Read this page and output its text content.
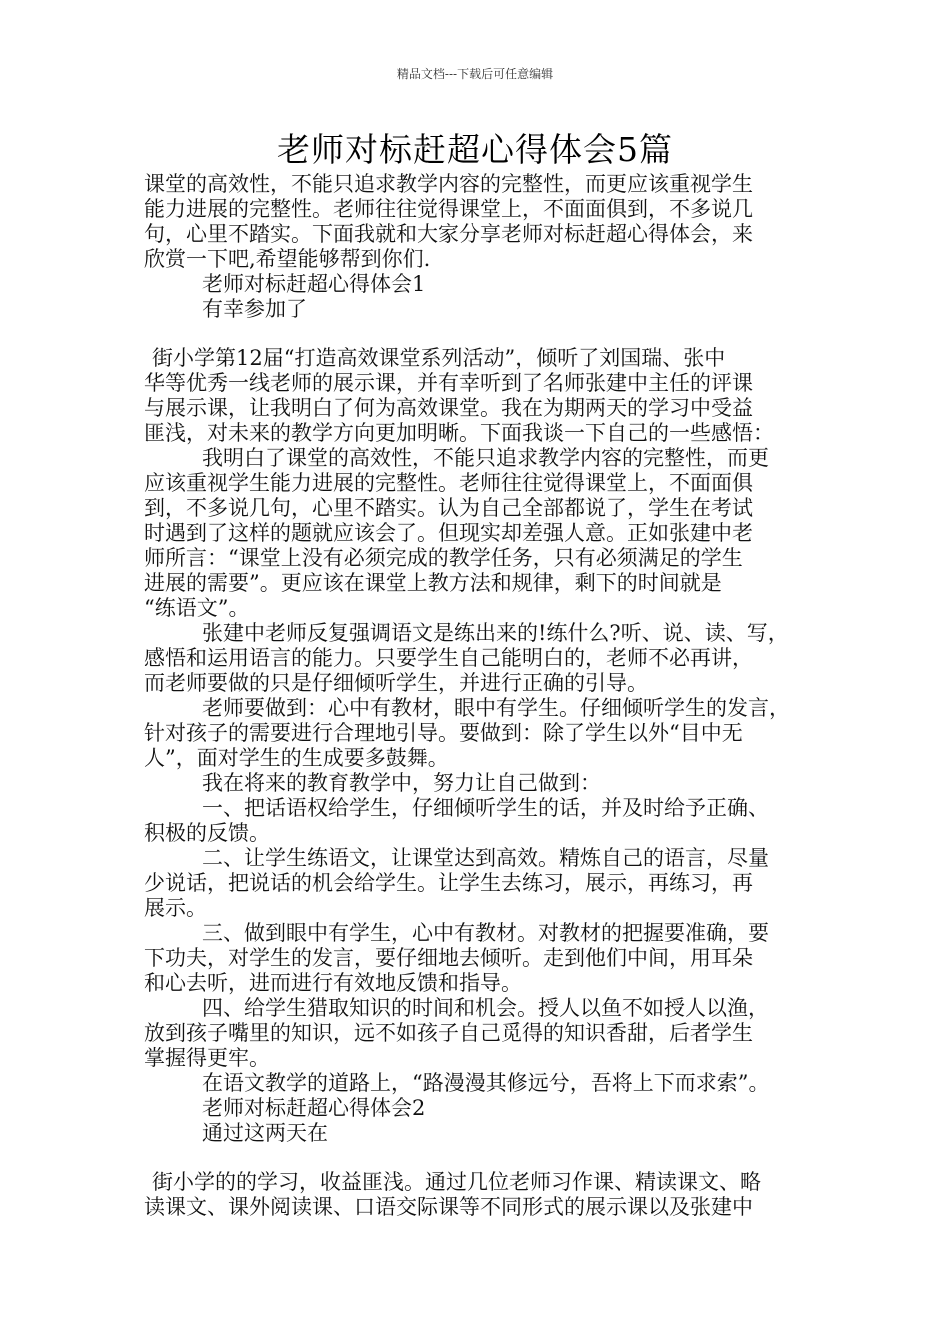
精品文档---下载后可任意编辑
老师对标赶超心得体会5篇
课堂的高效性，不能只追求教学内容的完整性，而更应该重视学生
能力进展的完整性。老师往往觉得课堂上，不面面俱到，不多说几
句，心里不踏实。下面我就和大家分享老师对标赶超心得体会，来
欣赏一下吧,希望能够帮到你们.
老师对标赶超心得体会1
有幸参加了
街小学第12届“打造高效课堂系列活动”，倾听了刘国瑞、张中
华等优秀一线老师的展示课，并有幸听到了名师张建中主任的评课
与展示课，让我明白了何为高效课堂。我在为期两天的学习中受益
匪浅，对未来的教学方向更加明晰。下面我谈一下自己的一些感悟：
我明白了课堂的高效性，不能只追求教学内容的完整性，而更
应该重视学生能力进展的完整性。老师往往觉得课堂上，不面面俱
到，不多说几句，心里不踏实。认为自己全部都说了，学生在考试
时遇到了这样的题就应该会了。但现实却差强人意。正如张建中老
师所言：“课堂上没有必须完成的教学任务，只有必须满足的学生
进展的需要”。更应该在课堂上教方法和规律，剩下的时间就是
“练语文”。
张建中老师反复强调语文是练出来的!练什么?听、说、读、写，
感悟和运用语言的能力。只要学生自己能明白的，老师不必再讲，
而老师要做的只是仔细倾听学生，并进行正确的引导。
老师要做到：心中有教材，眼中有学生。仔细倾听学生的发言，
针对孩子的需要进行合理地引导。要做到：除了学生以外“目中无
人”，面对学生的生成要多鼓舞。
我在将来的教育教学中，努力让自己做到：
一、把话语权给学生，仔细倾听学生的话，并及时给予正确、
积极的反馈。
二、让学生练语文，让课堂达到高效。精炼自己的语言，尽量
少说话，把说话的机会给学生。让学生去练习，展示，再练习，再
展示。
三、做到眼中有学生，心中有教材。对教材的把握要准确，要
下功夫，对学生的发言，要仔细地去倾听。走到他们中间，用耳朵
和心去听，进而进行有效地反馈和指导。
四、给学生猎取知识的时间和机会。授人以鱼不如授人以渔，
放到孩子嘴里的知识，远不如孩子自己觅得的知识香甜，后者学生
掌握得更牢。
在语文教学的道路上，“路漫漫其修远兮，吾将上下而求索”。
老师对标赶超心得体会2
通过这两天在
街小学的的学习，收益匪浅。通过几位老师习作课、精读课文、略
读课文、课外阅读课、口语交际课等不同形式的展示课以及张建中
